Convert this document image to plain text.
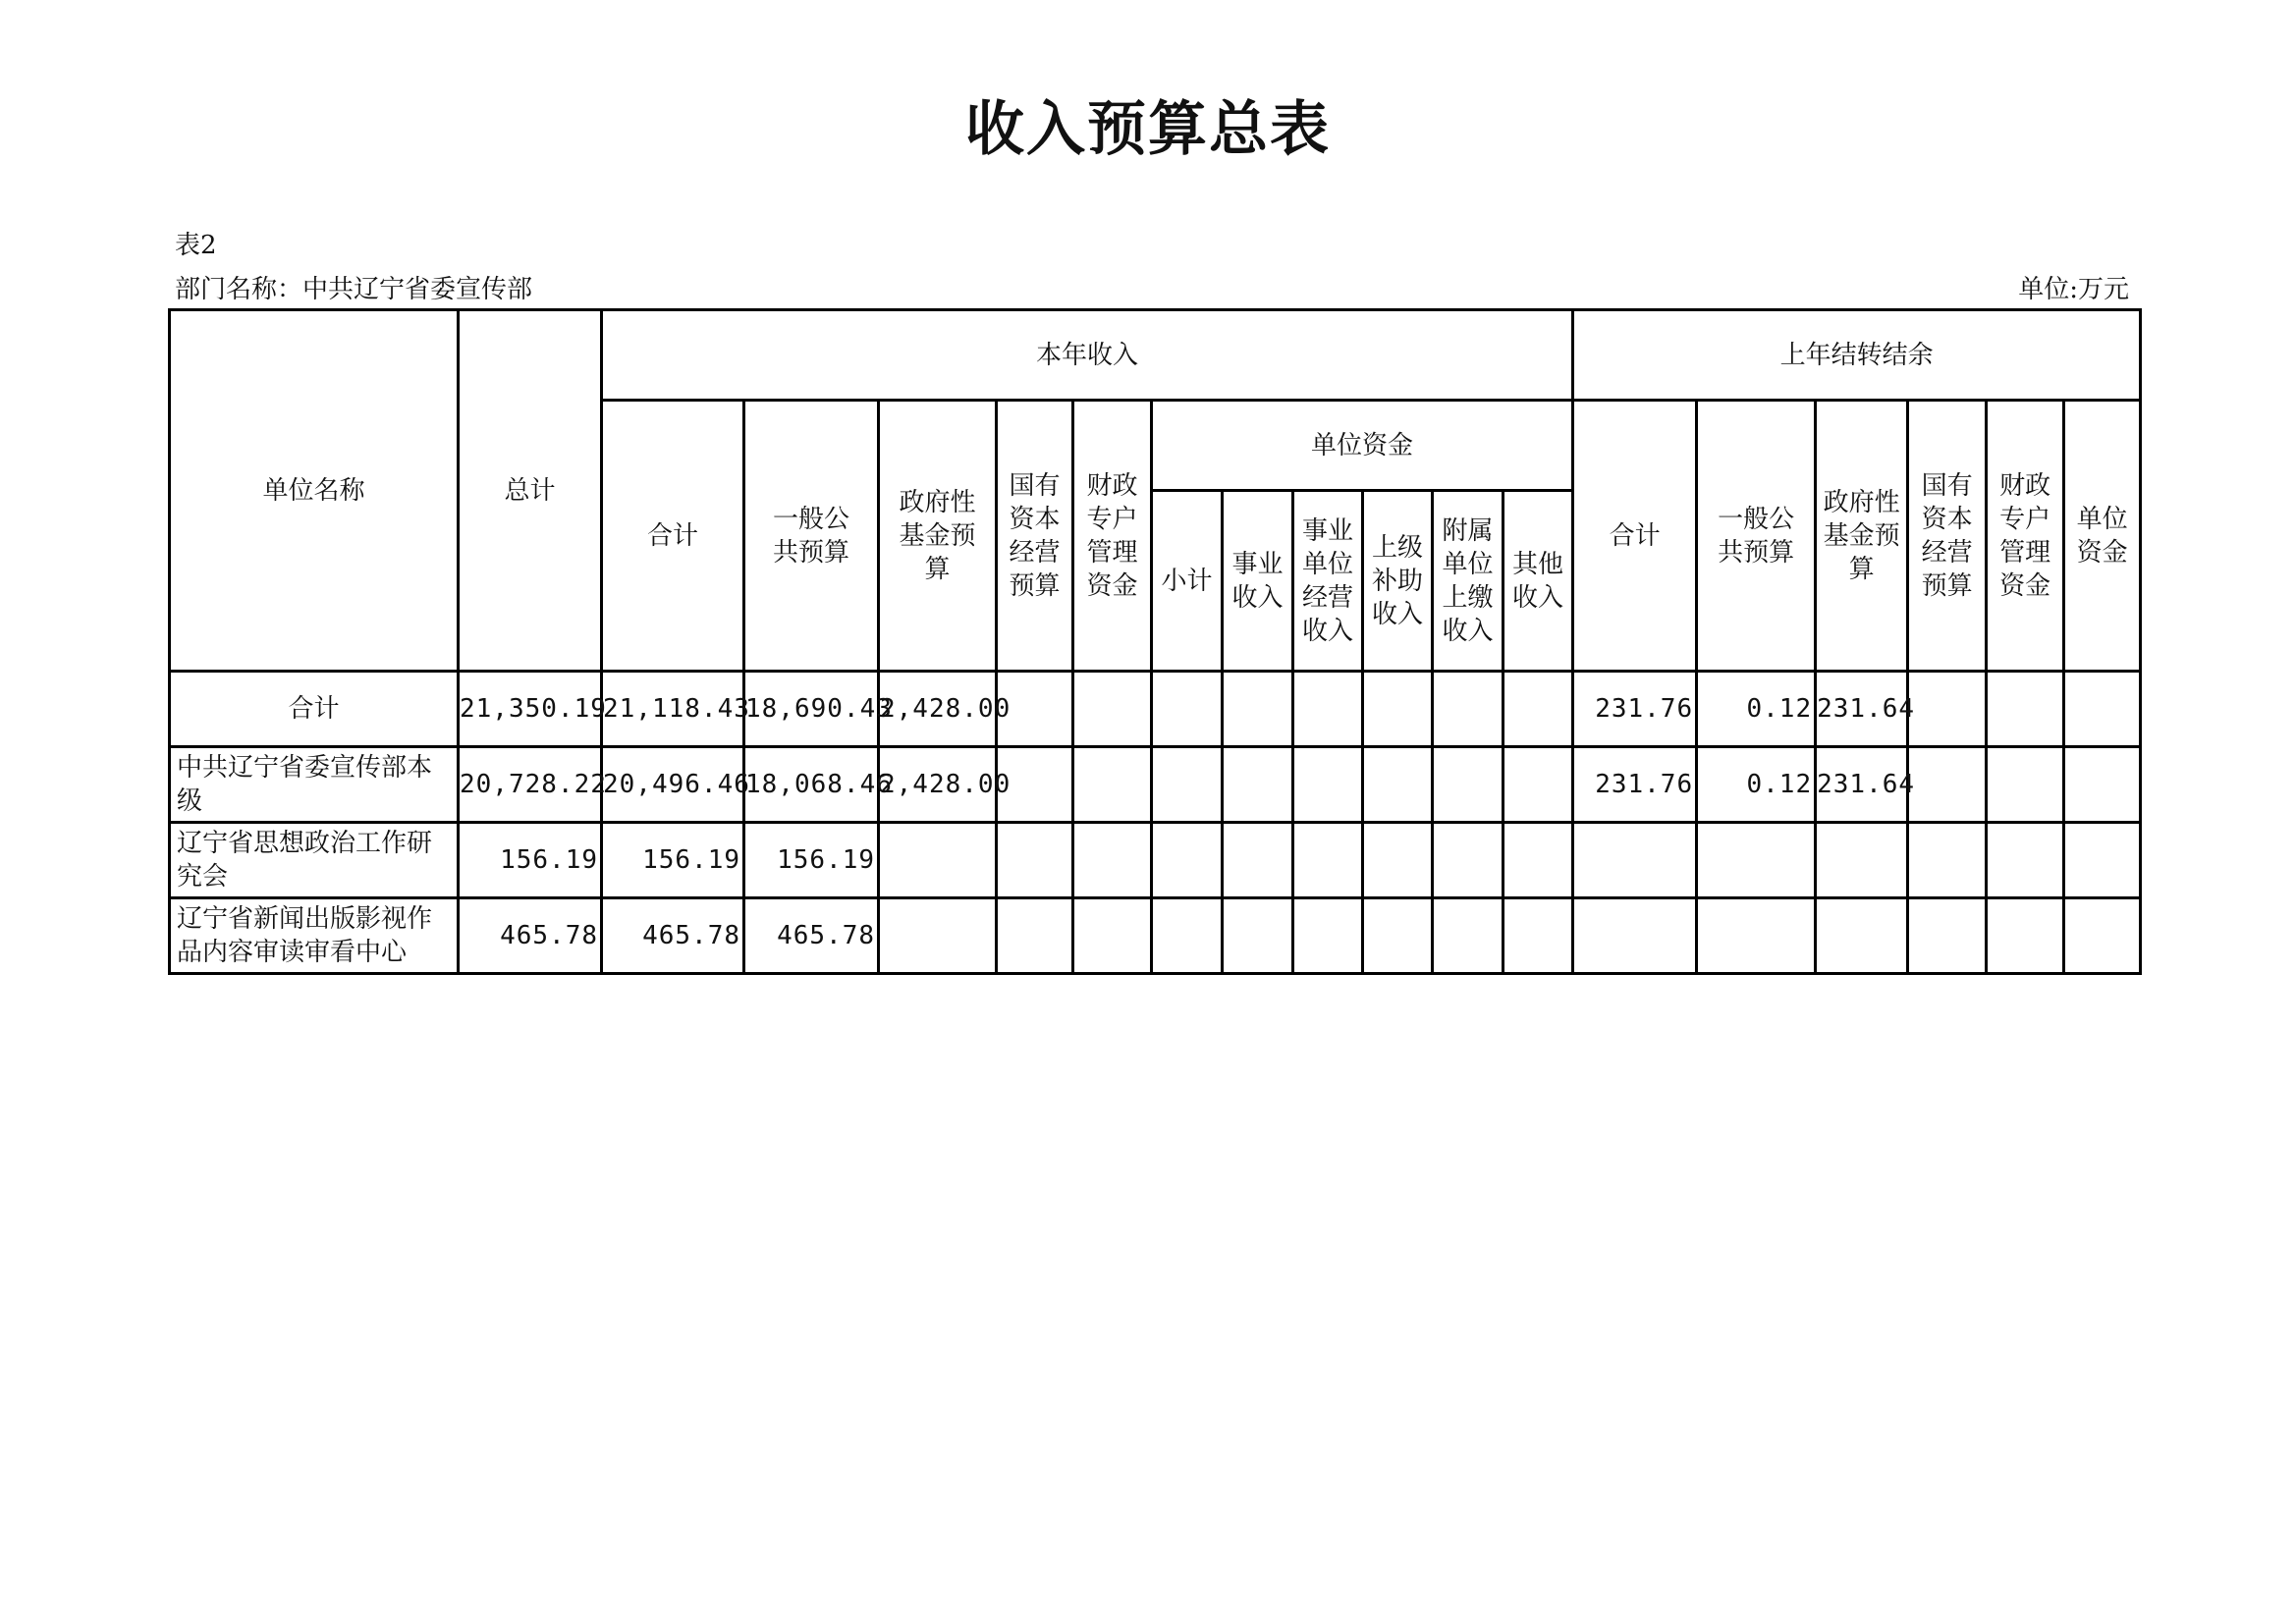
收入预算总表
表2
部门名称：中共辽宁省委宣传部	单位:万元
单位名称	总计	本年收入											上年结转结余					
		合计	一般公共预算	政府性基金预算	国有资本经营预算	财政专户管理资金	单位资金						合计	一般公共预算	政府性基金预算	国有资本经营预算	财政专户管理资金	单位资金
							小计	事业收入	事业单位经营收入	上级补助收入	附属单位上缴收入	其他收入						
合计	21,350.19	21,118.43	18,690.43	2,428.00									231.76	0.12	231.64			
中共辽宁省委宣传部本级	20,728.22	20,496.46	18,068.46	2,428.00									231.76	0.12	231.64			
辽宁省思想政治工作研究会	156.19	156.19	156.19															
辽宁省新闻出版影视作品内容审读审看中心	465.78	465.78	465.78															
